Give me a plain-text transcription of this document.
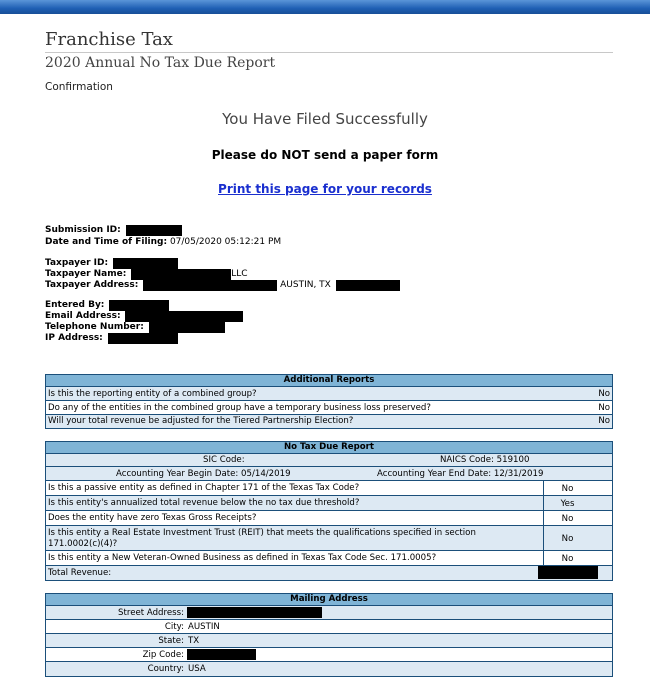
Franchise Tax
2020 Annual No Tax Due Report
Confirmation
You Have Filed Successfully
Please do NOT send a paper form
Print this page for your records
Submission ID:
Date and Time of Filing: 07/05/2020 05:12:21 PM
Taxpayer ID:
Taxpayer Name:	LLC
Taxpayer Address:	AUSTIN, TX
Entered By:
Email Address:
Telephone Number:
IP Address:
Additional Reports
Is this the reporting entity of a combined group?	No
Do any of the entities in the combined group have a temporary business loss preserved?	No
Will your total revenue be adjusted for the Tiered Partnership Election?	No
No Tax Due Report
SIC Code:	NAICS Code: 519100
Accounting Year Begin Date: 05/14/2019	Accounting Year End Date: 12/31/2019
Is this a passive entity as defined in Chapter 171 of the Texas Tax Code?	No
Is this entity's annualized total revenue below the no tax due threshold?	Yes
Does the entity have zero Texas Gross Receipts?	No
Is this entity a Real Estate Investment Trust (REIT) that meets the qualifications specified in section
171.0002(c)(4)?	No
Is this entity a New Veteran-Owned Business as defined in Texas Tax Code Sec. 171.0005?	No
Total Revenue:
Mailing Address
Street Address:
City: AUSTIN
State: TX
Zip Code:
Country: USA
